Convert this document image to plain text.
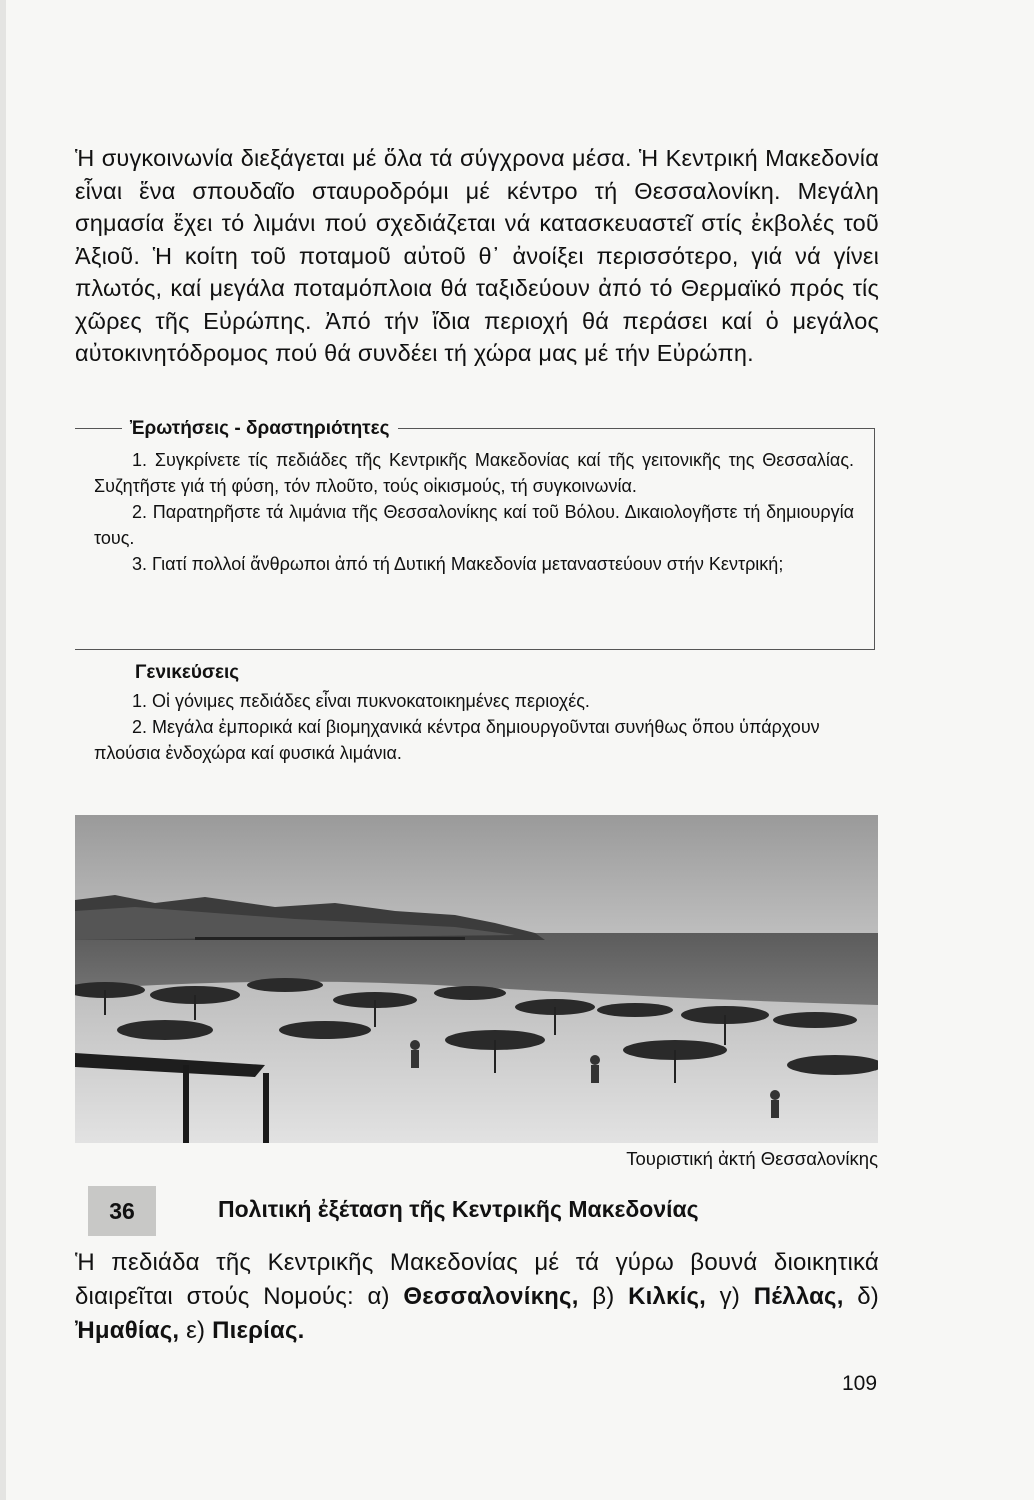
Ἡ συγκοινωνία διεξάγεται μέ ὅλα τά σύγχρονα μέσα. Ἡ Κεντρική Μακεδονία εἶναι ἕνα σπουδαῖο σταυροδρόμι μέ κέντρο τή Θεσσαλονίκη. Μεγάλη σημασία ἔχει τό λιμάνι πού σχεδιάζεται νά κατασκευαστεῖ στίς ἐκβολές τοῦ Ἀξιοῦ. Ἡ κοίτη τοῦ ποταμοῦ αὐτοῦ θ᾿ ἀνοίξει περισσότερο, γιά νά γίνει πλωτός, καί μεγάλα ποταμόπλοια θά ταξιδεύουν ἀπό τό Θερμαϊκό πρός τίς χῶρες τῆς Εὐρώπης. Ἀπό τήν ἴδια περιοχή θά περάσει καί ὁ μεγάλος αὐτοκινητόδρομος πού θά συνδέει τή χώρα μας μέ τήν Εὐρώπη.
Ἐρωτήσεις - δραστηριότητες

1. Συγκρίνετε τίς πεδιάδες τῆς Κεντρικῆς Μακεδονίας καί τῆς γειτονικῆς της Θεσσαλίας. Συζητῆστε γιά τή φύση, τόν πλοῦτο, τούς οἰκισμούς, τή συγκοινωνία.

2. Παρατηρῆστε τά λιμάνια τῆς Θεσσαλονίκης καί τοῦ Βόλου. Δικαιολογῆστε τή δημιουργία τους.

3. Γιατί πολλοί ἄνθρωποι ἀπό τή Δυτική Μακεδονία μεταναστεύουν στήν Κεντρική;

Γενικεύσεις

1. Οἱ γόνιμες πεδιάδες εἶναι πυκνοκατοικημένες περιοχές.

2. Μεγάλα ἐμπορικά καί βιομηχανικά κέντρα δημιουργοῦνται συνήθως ὅπου ὑπάρχουν πλούσια ἐνδοχώρα καί φυσικά λιμάνια.

Τουριστική ἀκτή Θεσσαλονίκης
36	Πολιτική ἐξέταση τῆς Κεντρικῆς Μακεδονίας
Ἡ πεδιάδα τῆς Κεντρικῆς Μακεδονίας μέ τά γύρω βουνά διοικητικά διαιρεῖται στούς Νομούς: α) Θεσσαλονίκης, β) Κιλκίς, γ) Πέλλας, δ) Ἠμαθίας, ε) Πιερίας.
109
